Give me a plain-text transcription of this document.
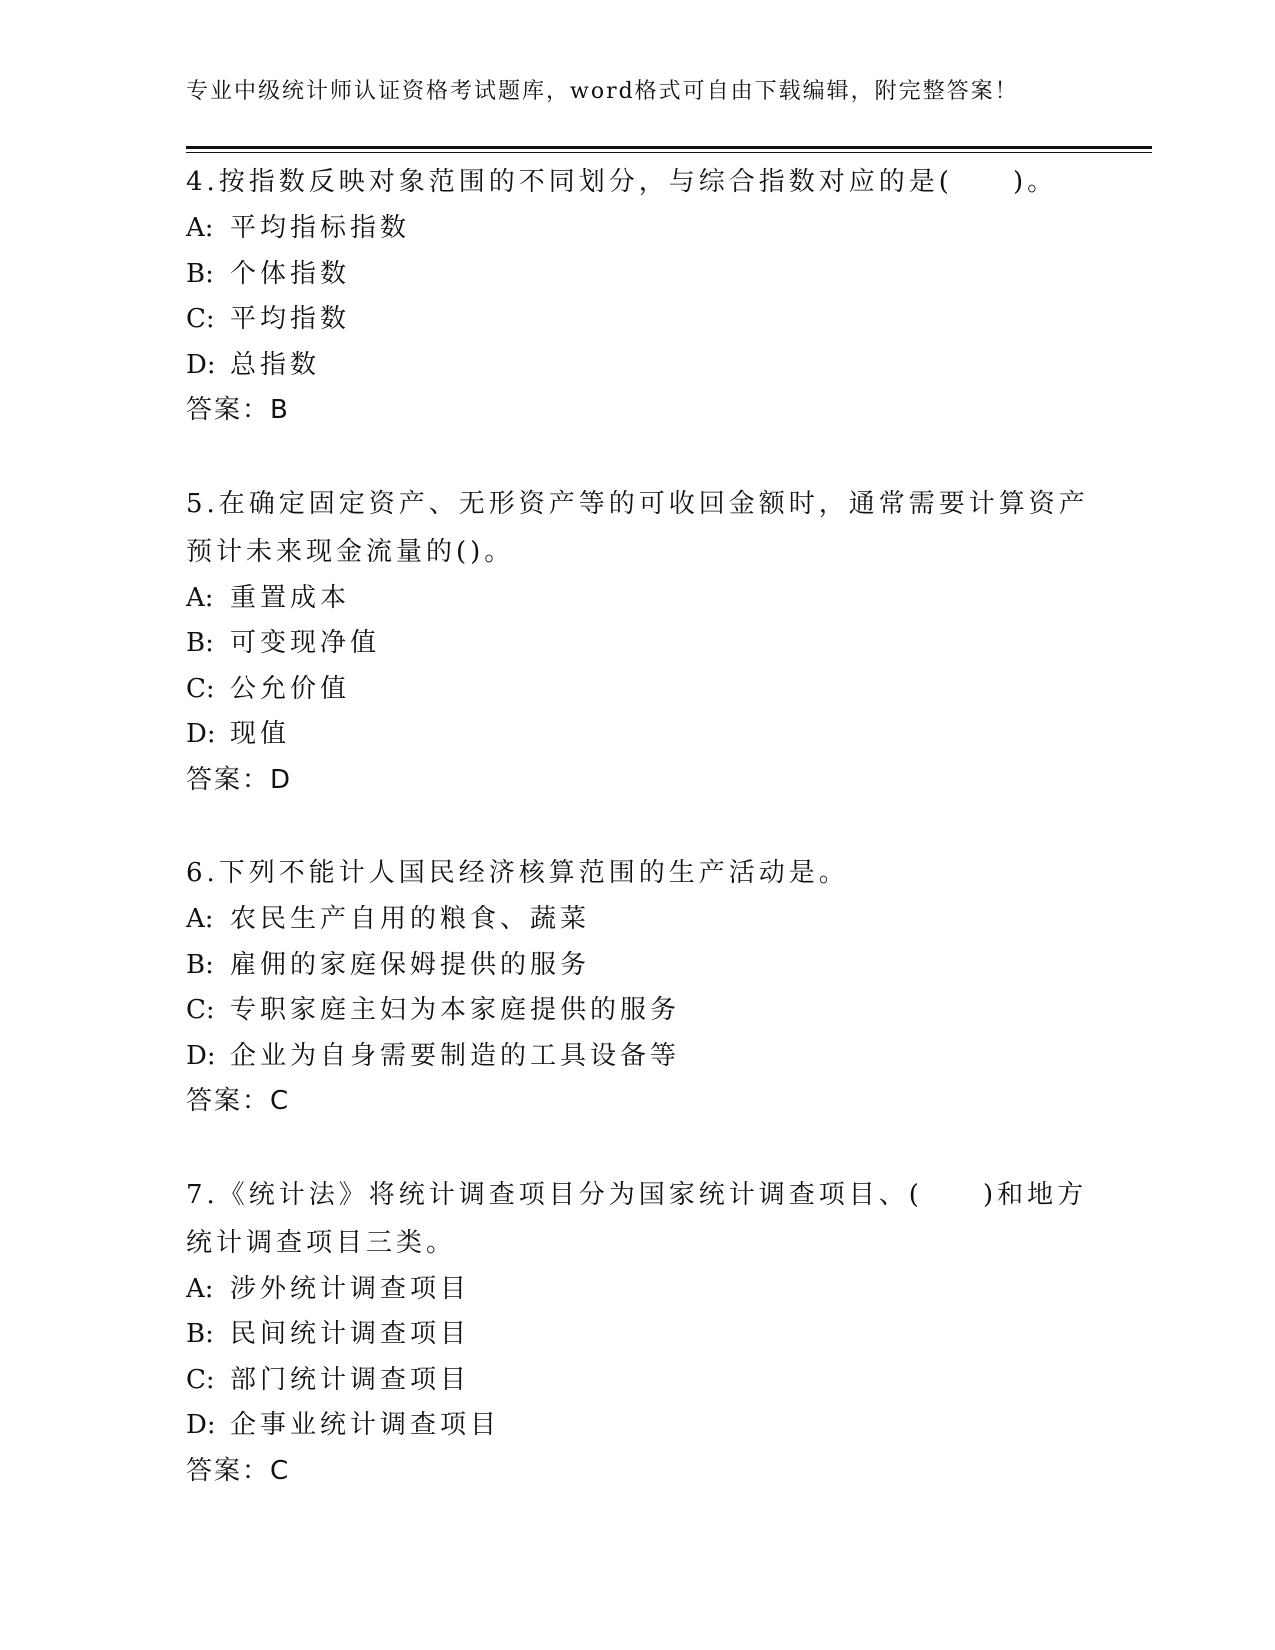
专业中级统计师认证资格考试题库，word格式可自由下载编辑，附完整答案！
4.按指数反映对象范围的不同划分，与综合指数对应的是(　　)。
A: 平均指标指数
B: 个体指数
C: 平均指数
D: 总指数
答案：B
5.在确定固定资产、无形资产等的可收回金额时，通常需要计算资产
预计未来现金流量的()。
A: 重置成本
B: 可变现净值
C: 公允价值
D: 现值
答案：D
6.下列不能计人国民经济核算范围的生产活动是。
A: 农民生产自用的粮食、蔬菜
B: 雇佣的家庭保姆提供的服务
C: 专职家庭主妇为本家庭提供的服务
D: 企业为自身需要制造的工具设备等
答案：C
7.《统计法》将统计调查项目分为国家统计调查项目、(　　)和地方
统计调查项目三类。
A: 涉外统计调查项目
B: 民间统计调查项目
C: 部门统计调查项目
D: 企事业统计调查项目
答案：C
